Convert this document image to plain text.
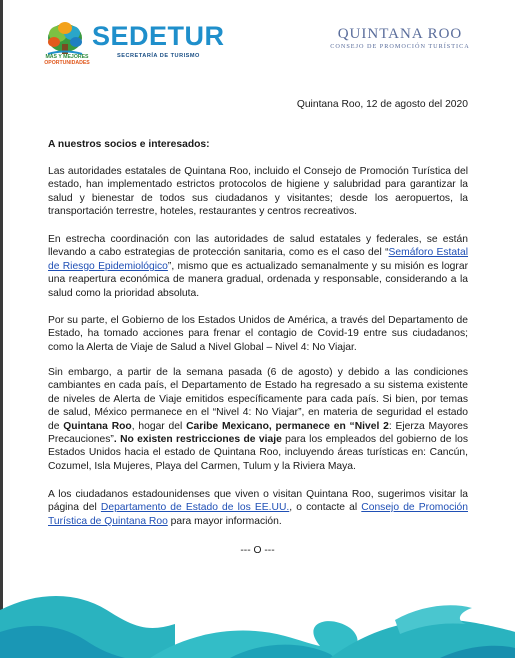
MÁS Y MEJORES
OPORTUNIDADES
SEDETUR
SECRETARÍA DE TURISMO
QUINTANA ROO
CONSEJO DE PROMOCIÓN TURÍSTICA
Quintana Roo, 12 de agosto del 2020
A nuestros socios e interesados:

Las autoridades estatales de Quintana Roo, incluido el Consejo de Promoción Turística del estado, han implementado estrictos protocolos de higiene y salubridad para garantizar la salud y bienestar de todos sus ciudadanos y visitantes; desde los aeropuertos, la transportación terrestre, hoteles, restaurantes y centros recreativos.

En estrecha coordinación con las autoridades de salud estatales y federales, se están llevando a cabo estrategias de protección sanitaria, como es el caso del “Semáforo Estatal de Riesgo Epidemiológico”, mismo que es actualizado semanalmente y su misión es lograr una reapertura económica de manera gradual, ordenada y responsable, considerando a la salud como la prioridad absoluta.

Por su parte, el Gobierno de los Estados Unidos de América, a través del Departamento de Estado, ha tomado acciones para frenar el contagio de Covid-19 entre sus ciudadanos; como la Alerta de Viaje de Salud a Nivel Global – Nivel 4: No Viajar.

Sin embargo, a partir de la semana pasada (6 de agosto) y debido a las condiciones cambiantes en cada país, el Departamento de Estado ha regresado a su sistema existente de niveles de Alerta de Viaje emitidos específicamente para cada país. Si bien, por temas de salud, México permanece en el “Nivel 4: No Viajar”, en materia de seguridad el estado de Quintana Roo, hogar del Caribe Mexicano, permanece en “Nivel 2: Ejerza Mayores Precauciones”. No existen restricciones de viaje para los empleados del gobierno de los Estados Unidos hacia el estado de Quintana Roo, incluyendo áreas turísticas en: Cancún, Cozumel, Isla Mujeres, Playa del Carmen, Tulum y la Riviera Maya.

A los ciudadanos estadounidenses que viven o visitan Quintana Roo, sugerimos visitar la página del Departamento de Estado de los EE.UU., o contacte al Consejo de Promoción Turística de Quintana Roo para mayor información.

--- O ---
